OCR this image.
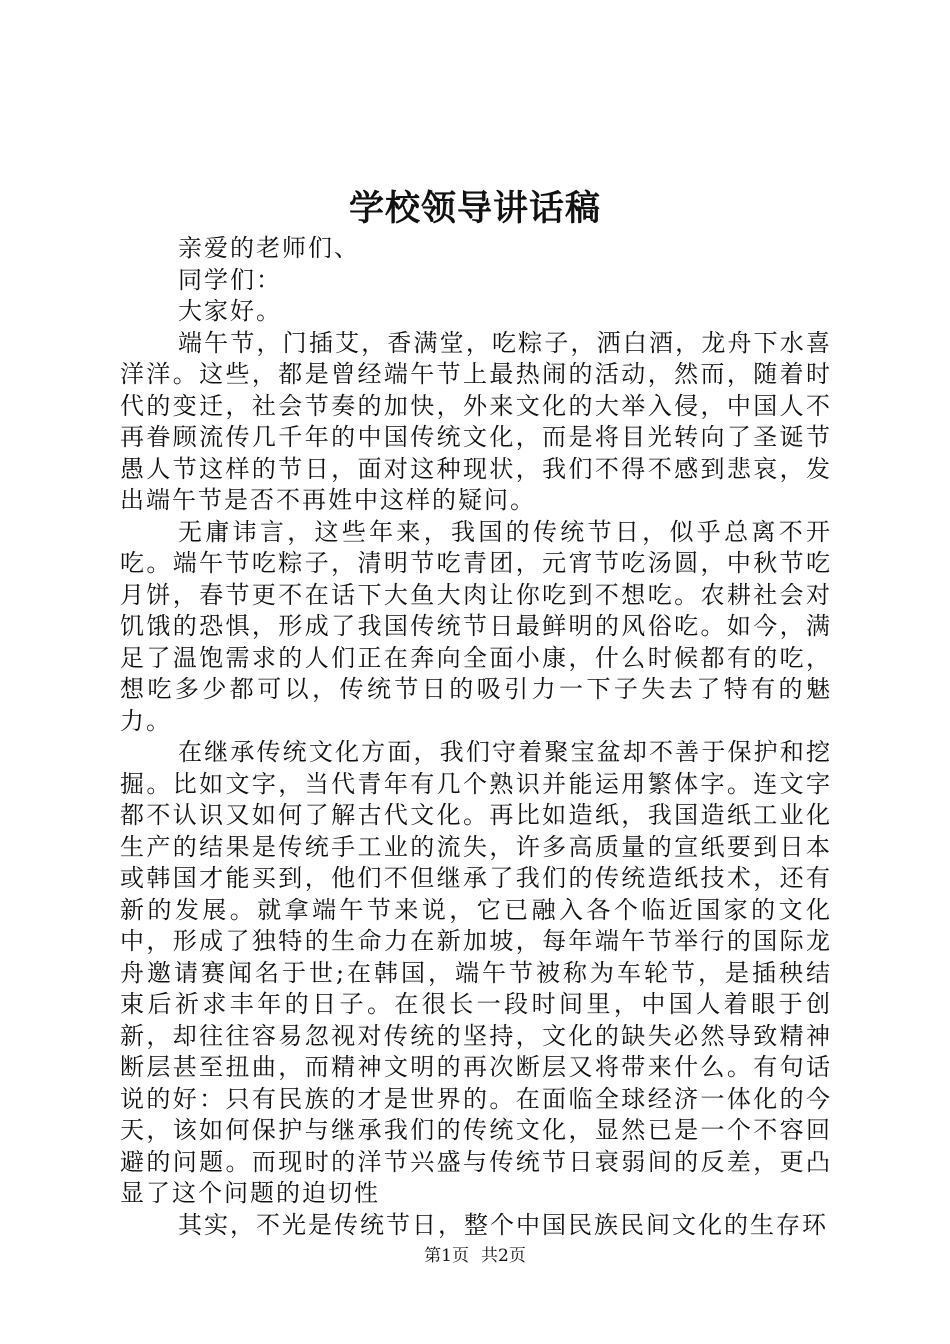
学校领导讲话稿

亲爱的老师们、

同学们：

大家好。

端午节，门插艾，香满堂，吃粽子，洒白酒，龙舟下水喜洋洋。这些，都是曾经端午节上最热闹的活动，然而，随着时代的变迁，社会节奏的加快，外来文化的大举入侵，中国人不再眷顾流传几千年的中国传统文化，而是将目光转向了圣诞节愚人节这样的节日，面对这种现状，我们不得不感到悲哀，发出端午节是否不再姓中这样的疑问。

无庸讳言，这些年来，我国的传统节日，似乎总离不开吃。端午节吃粽子，清明节吃青团，元宵节吃汤圆，中秋节吃月饼，春节更不在话下大鱼大肉让你吃到不想吃。农耕社会对饥饿的恐惧，形成了我国传统节日最鲜明的风俗吃。如今，满足了温饱需求的人们正在奔向全面小康，什么时候都有的吃，想吃多少都可以，传统节日的吸引力一下子失去了特有的魅力。

在继承传统文化方面，我们守着聚宝盆却不善于保护和挖掘。比如文字，当代青年有几个熟识并能运用繁体字。连文字都不认识又如何了解古代文化。再比如造纸，我国造纸工业化生产的结果是传统手工业的流失，许多高质量的宣纸要到日本或韩国才能买到，他们不但继承了我们的传统造纸技术，还有新的发展。就拿端午节来说，它已融入各个临近国家的文化中，形成了独特的生命力在新加坡，每年端午节举行的国际龙舟邀请赛闻名于世;在韩国，端午节被称为车轮节，是插秧结束后祈求丰年的日子。在很长一段时间里，中国人着眼于创新，却往往容易忽视对传统的坚持，文化的缺失必然导致精神断层甚至扭曲，而精神文明的再次断层又将带来什么。有句话说的好：只有民族的才是世界的。在面临全球经济一体化的今天，该如何保护与继承我们的传统文化，显然已是一个不容回避的问题。而现时的洋节兴盛与传统节日衰弱间的反差，更凸显了这个问题的迫切性

其实，不光是传统节日，整个中国民族民间文化的生存环

第1页 共2页
